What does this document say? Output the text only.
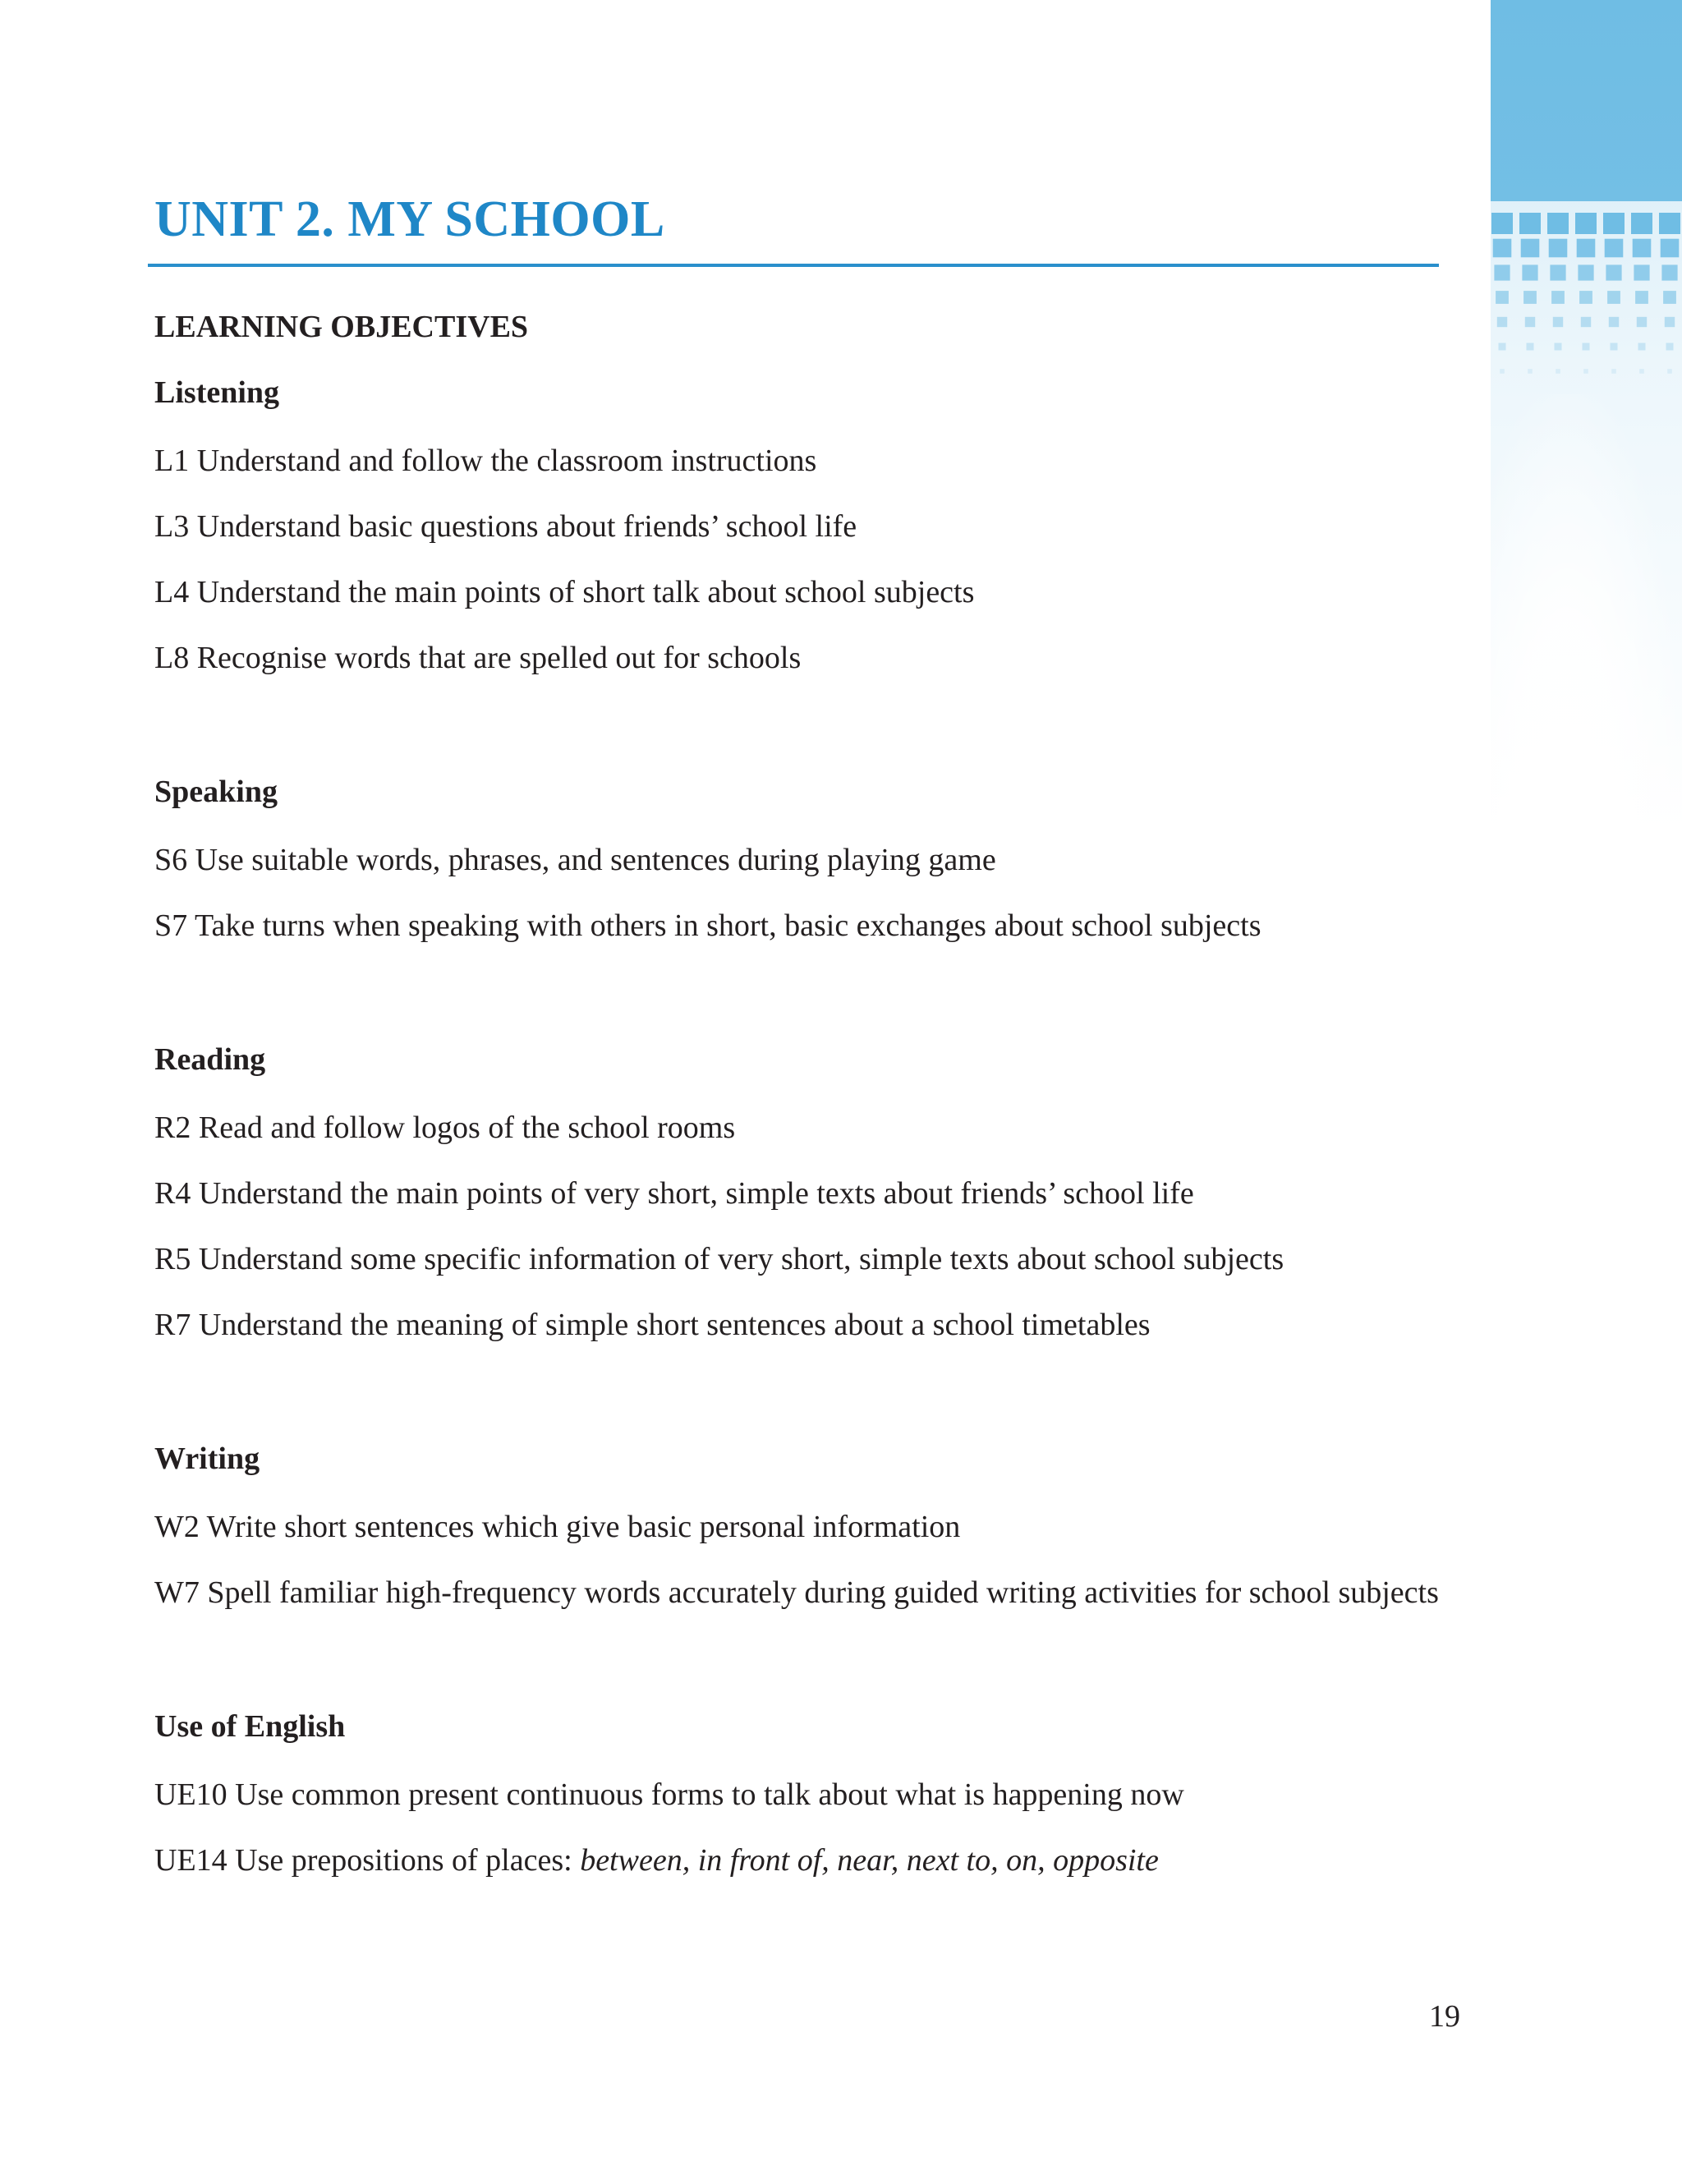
UNIT 2. MY SCHOOL

LEARNING OBJECTIVES

Listening

L1 Understand and follow the classroom instructions

L3 Understand basic questions about friends’ school life

L4 Understand the main points of short talk about school subjects

L8 Recognise words that are spelled out for schools

Speaking

S6 Use suitable words, phrases, and sentences during playing game

S7 Take turns when speaking with others in short, basic exchanges about school subjects

Reading

R2 Read and follow logos of the school rooms

R4 Understand the main points of very short, simple texts about friends’ school life

R5 Understand some specific information of very short, simple texts about school subjects

R7 Understand the meaning of simple short sentences about a school timetables

Writing

W2 Write short sentences which give basic personal information

W7 Spell familiar high-frequency words accurately during guided writing activities for school subjects

Use of English

UE10 Use common present continuous forms to talk about what is happening now

UE14 Use prepositions of places: between, in front of, near, next to, on, opposite

19
